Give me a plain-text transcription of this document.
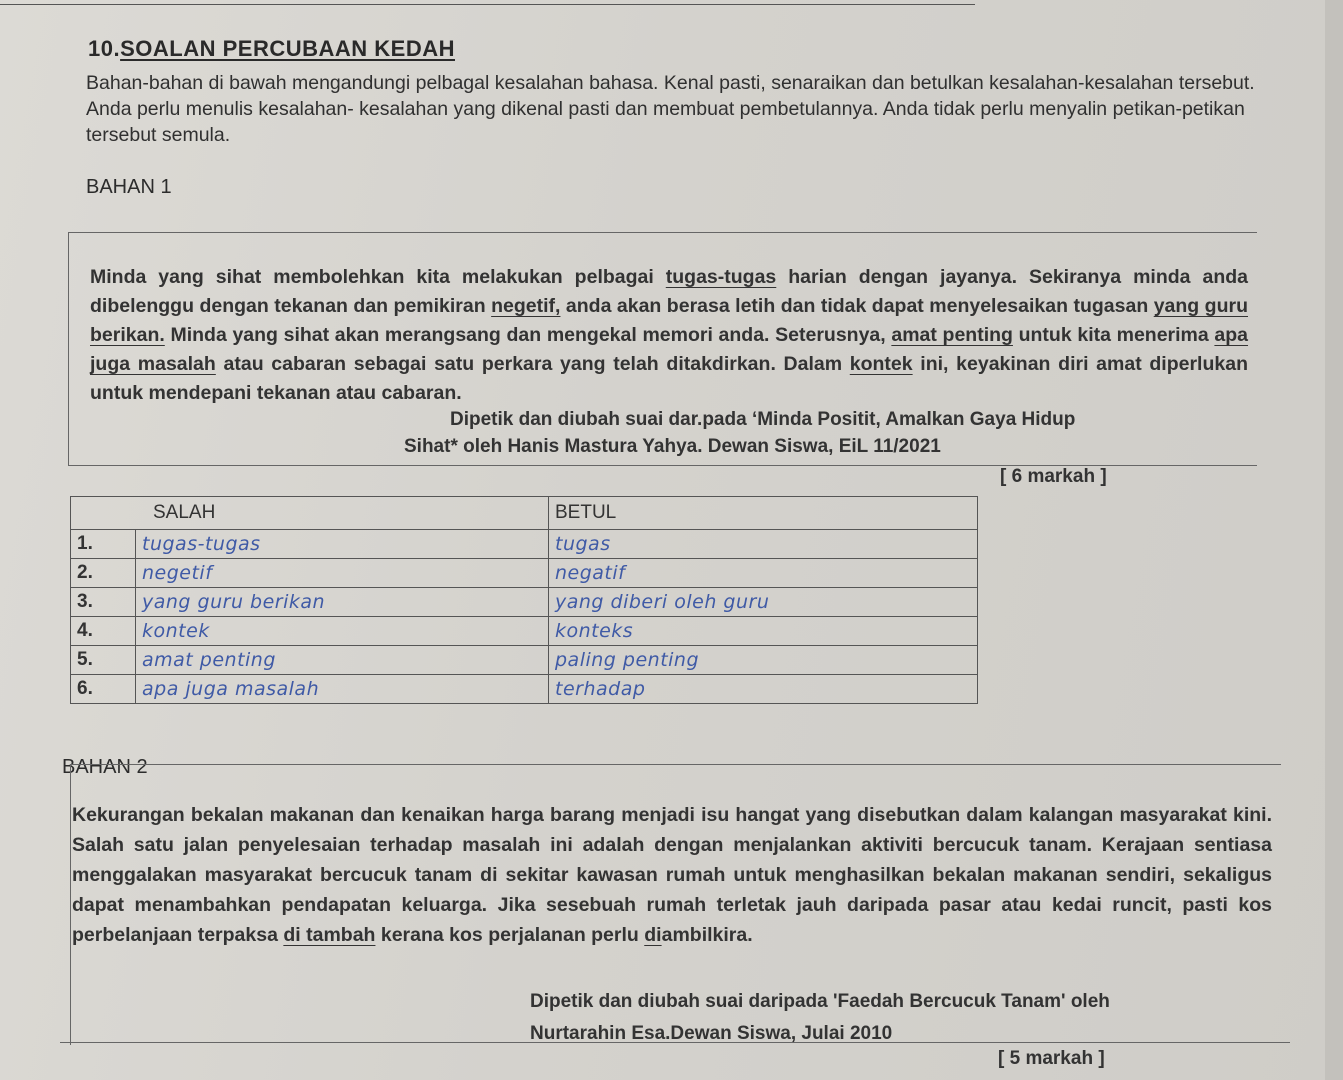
10.SOALAN PERCUBAAN KEDAH
Bahan-bahan di bawah mengandungi pelbagal kesalahan bahasa. Kenal pasti, senaraikan dan betulkan kesalahan-kesalahan tersebut. Anda perlu menulis kesalahan- kesalahan yang dikenal pasti dan membuat pembetulannya. Anda tidak perlu menyalin petikan-petikan tersebut semula.
BAHAN 1
Minda yang sihat membolehkan kita melakukan pelbagai tugas-tugas harian dengan jayanya. Sekiranya minda anda dibelenggu dengan tekanan dan pemikiran negetif, anda akan berasa letih dan tidak dapat menyelesaikan tugasan yang guru berikan. Minda yang sihat akan merangsang dan mengekal memori anda. Seterusnya, amat penting untuk kita menerima apa juga masalah atau cabaran sebagai satu perkara yang telah ditakdirkan. Dalam kontek ini, keyakinan diri amat diperlukan untuk mendepani tekanan atau cabaran.
Dipetik dan diubah suai dar.pada ‘Minda Positit, Amalkan Gaya Hidup
Sihat* oleh Hanis Mastura Yahya. Dewan Siswa, EiL 11/2021
[ 6 markah ]
SALAH		BETUL
1.	tugas-tugas	tugas
2.	negetif	negatif
3.	yang guru berikan	yang diberi oleh guru
4.	kontek	konteks
5.	amat penting	paling penting
6.	apa juga masalah	terhadap
BAHAN 2
Kekurangan bekalan makanan dan kenaikan harga barang menjadi isu hangat yang disebutkan dalam kalangan masyarakat kini. Salah satu jalan penyelesaian terhadap masalah ini adalah dengan menjalankan aktiviti bercucuk tanam. Kerajaan sentiasa menggalakan masyarakat bercucuk tanam di sekitar kawasan rumah untuk menghasilkan bekalan makanan sendiri, sekaligus dapat menambahkan pendapatan keluarga. Jika sesebuah rumah terletak jauh daripada pasar atau kedai runcit, pasti kos perbelanjaan terpaksa di tambah kerana kos perjalanan perlu diambilkira.
Dipetik dan diubah suai daripada 'Faedah Bercucuk Tanam' oleh
Nurtarahin Esa.Dewan Siswa, Julai 2010
[ 5 markah ]
